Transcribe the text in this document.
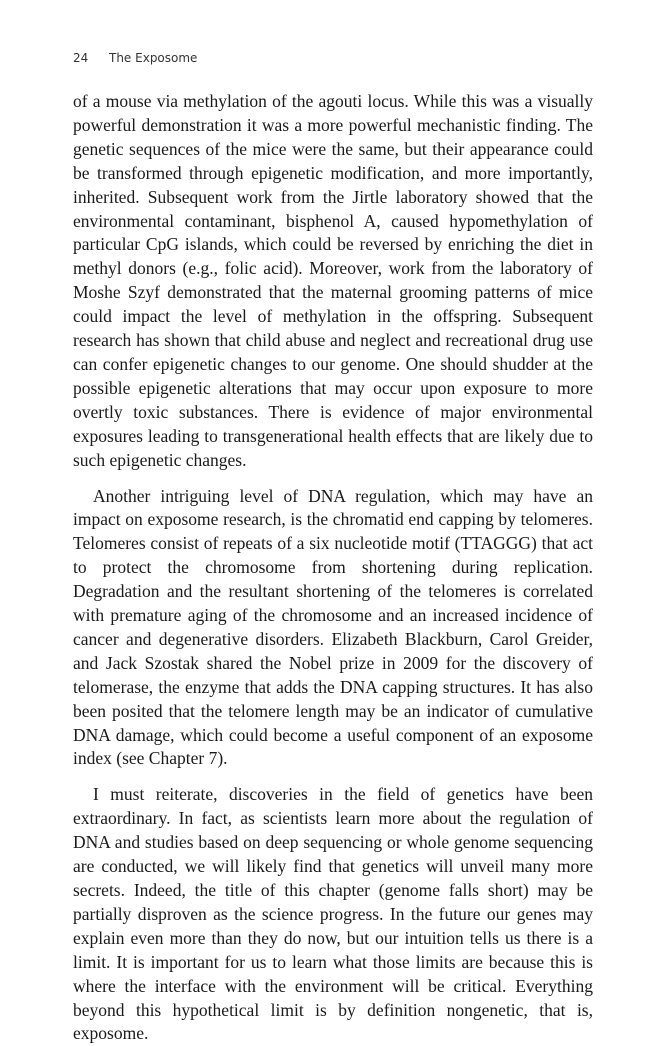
24 The Exposome

of a mouse via methylation of the agouti locus. While this was a visually powerful demonstration it was a more powerful mechanistic finding. The genetic sequences of the mice were the same, but their appearance could be transformed through epigenetic modification, and more importantly, inherited. Subsequent work from the Jirtle laboratory showed that the environmental contaminant, bisphenol A, caused hypomethylation of particular CpG islands, which could be reversed by enriching the diet in methyl donors (e.g., folic acid). Moreover, work from the laboratory of Moshe Szyf demonstrated that the maternal grooming patterns of mice could impact the level of methylation in the offspring. Subsequent research has shown that child abuse and neglect and recreational drug use can confer epigenetic changes to our genome. One should shudder at the possible epigenetic alterations that may occur upon exposure to more overtly toxic substances. There is evidence of major environmental exposures leading to transgenerational health effects that are likely due to such epigenetic changes.

Another intriguing level of DNA regulation, which may have an impact on exposome research, is the chromatid end capping by telomeres. Telomeres consist of repeats of a six nucleotide motif (TTAGGG) that act to protect the chromosome from shortening during replication. Degradation and the resultant shortening of the telomeres is correlated with premature aging of the chromosome and an increased incidence of cancer and degenerative disorders. Elizabeth Blackburn, Carol Greider, and Jack Szostak shared the Nobel prize in 2009 for the discovery of telomerase, the enzyme that adds the DNA capping structures. It has also been posited that the telomere length may be an indicator of cumulative DNA damage, which could become a useful component of an exposome index (see Chapter 7).

I must reiterate, discoveries in the field of genetics have been extraordinary. In fact, as scientists learn more about the regulation of DNA and studies based on deep sequencing or whole genome sequencing are conducted, we will likely find that genetics will unveil many more secrets. Indeed, the title of this chapter (genome falls short) may be partially disproven as the science progress. In the future our genes may explain even more than they do now, but our intuition tells us there is a limit. It is important for us to learn what those limits are because this is where the interface with the environment will be critical. Everything beyond this hypothetical limit is by definition nongenetic, that is, exposome.
